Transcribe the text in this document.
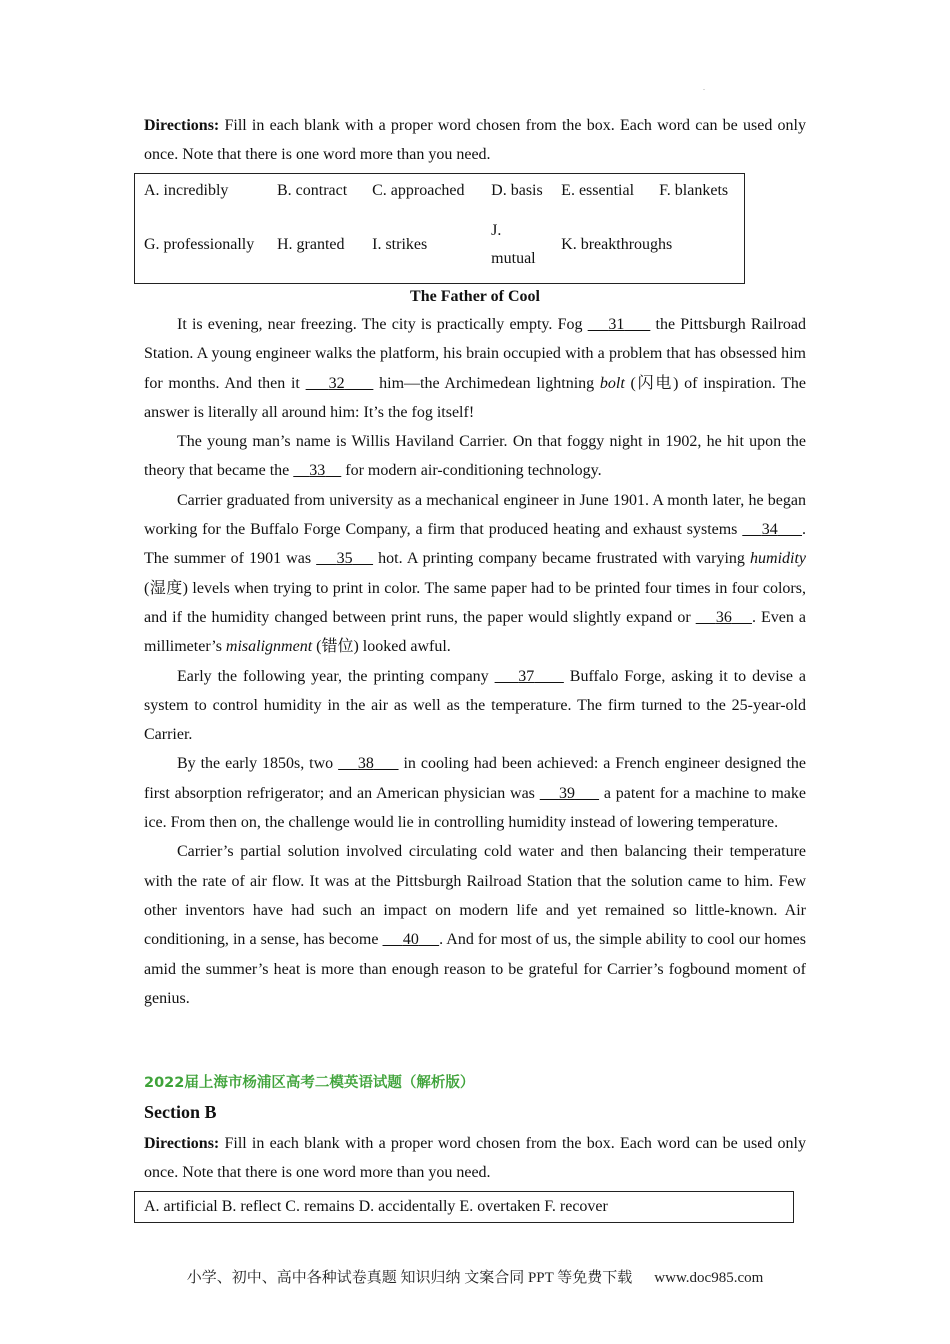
.

Directions: Fill in each blank with a proper word chosen from the box. Each word can be used only once. Note that there is one word more than you need.

A. incredibly	B. contract	C. approached	D. basis	E. essential	F. blankets
G. professionally	H. granted	I. strikes	J. mutual	K. breakthroughs	
The Father of Cool

It is evening, near freezing. The city is practically empty. Fog     31      the Pittsburgh Railroad Station. A young engineer walks the platform, his brain occupied with a problem that has obsessed him for months. And then it     32      him—the Archimedean lightning bolt (闪电) of inspiration. The answer is literally all around him: It’s the fog itself!

The young man’s name is Willis Haviland Carrier. On that foggy night in 1902, he hit upon the theory that became the     33     for modern air-conditioning technology.

Carrier graduated from university as a mechanical engineer in June 1901. A month later, he began working for the Buffalo Forge Company, a firm that produced heating and exhaust systems     34 . The summer of 1901 was     35     hot. A printing company became frustrated with varying humidity (湿度) levels when trying to print in color. The same paper had to be printed four times in four colors, and if the humidity changed between print runs, the paper would slightly expand or     36 . Even a millimeter’s misalignment (错位) looked awful.

Early the following year, the printing company     37      Buffalo Forge, asking it to devise a system to control humidity in the air as well as the temperature. The firm turned to the 25-year-old Carrier.

By the early 1850s, two     38      in cooling had been achieved: a French engineer designed the first absorption refrigerator; and an American physician was     39      a patent for a machine to make ice. From then on, the challenge would lie in controlling humidity instead of lowering temperature.

Carrier’s partial solution involved circulating cold water and then balancing their temperature with the rate of air flow. It was at the Pittsburgh Railroad Station that the solution came to him. Few other inventors have had such an impact on modern life and yet remained so little-known. Air conditioning, in a sense, has become      40 . And for most of us, the simple ability to cool our homes amid the summer’s heat is more than enough reason to be grateful for Carrier’s fogbound moment of genius.

2022届上海市杨浦区高考二模英语试题（解析版）
Section B

Directions: Fill in each blank with a proper word chosen from the box. Each word can be used only once. Note that there is one word more than you need.

A. artificial B. reflect C. remains D. accidentally E. overtaken F. recover
小学、初中、高中各种试卷真题 知识归纳 文案合同 PPT 等免费下载 www.doc985.com
